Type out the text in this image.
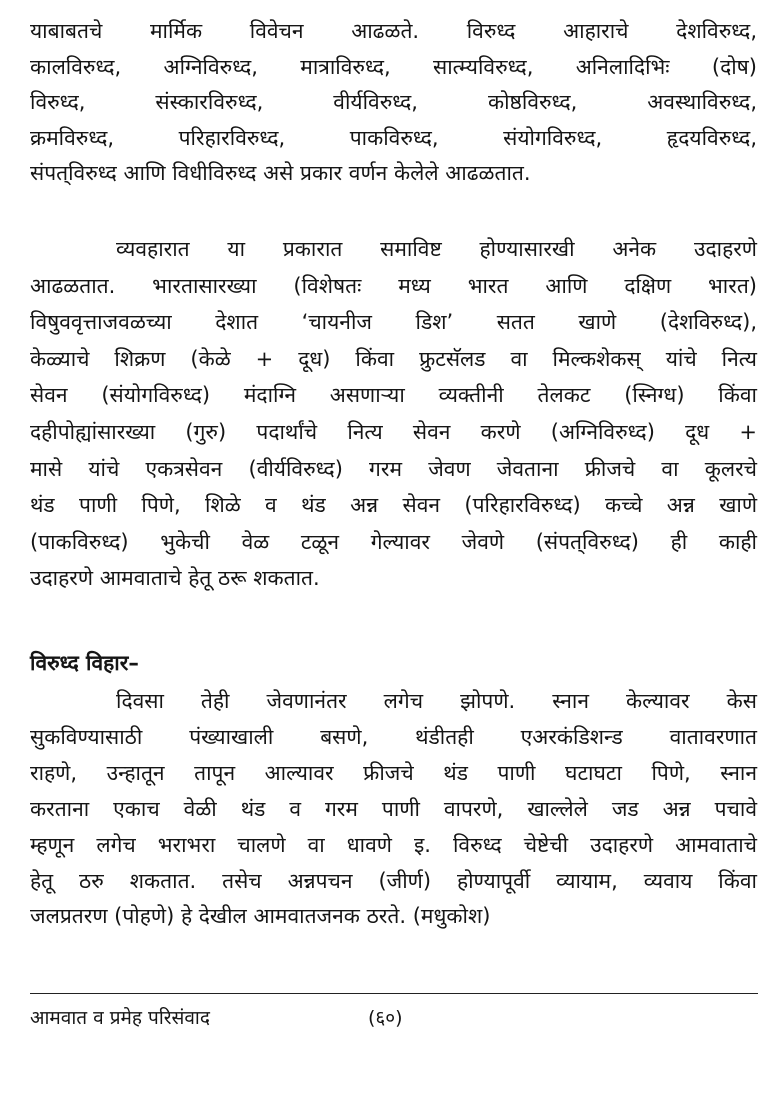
याबाबतचे मार्मिक विवेचन आढळते. विरुध्द आहाराचे देशविरुध्द,
कालविरुध्द, अग्निविरुध्द, मात्राविरुध्द, सात्म्यविरुध्द, अनिलादिभिः (दोष)
विरुध्द, संस्कारविरुध्द, वीर्यविरुध्द, कोष्ठविरुध्द, अवस्थाविरुध्द,
क्रमविरुध्द, परिहारविरुध्द, पाकविरुध्द, संयोगविरुध्द, हृदयविरुध्द,
संपत्‌विरुध्द आणि विधीविरुध्द असे प्रकार वर्णन केलेले आढळतात.
व्यवहारात या प्रकारात समाविष्ट होण्यासारखी अनेक उदाहरणे
आढळतात. भारतासारख्या (विशेषतः मध्य भारत आणि दक्षिण भारत)
विषुववृत्ताजवळच्या देशात ‘चायनीज डिश’ सतत खाणे (देशविरुध्द),
केळ्याचे शिक्रण (केळे + दूध) किंवा फ्रुटसॅलड वा मिल्कशेकस् यांचे नित्य
सेवन (संयोगविरुध्द) मंदाग्नि असणाऱ्या व्यक्तीनी तेलकट (स्निग्ध) किंवा
दहीपोह्यांसारख्या (गुरु) पदार्थांचे नित्य सेवन करणे (अग्निविरुध्द) दूध +
मासे यांचे एकत्रसेवन (वीर्यविरुध्द) गरम जेवण जेवताना फ्रीजचे वा कूलरचे
थंड पाणी पिणे, शिळे व थंड अन्न सेवन (परिहारविरुध्द) कच्चे अन्न खाणे
(पाकविरुध्द) भुकेची वेळ टळून गेल्यावर जेवणे (संपत्‌विरुध्द) ही काही
उदाहरणे आमवाताचे हेतू ठरू शकतात.
विरुध्द विहार–
दिवसा तेही जेवणानंतर लगेच झोपणे. स्नान केल्यावर केस
सुकविण्यासाठी पंख्याखाली बसणे, थंडीतही एअरकंडिशन्ड वातावरणात
राहणे, उन्हातून तापून आल्यावर फ्रीजचे थंड पाणी घटाघटा पिणे, स्नान
करताना एकाच वेळी थंड व गरम पाणी वापरणे, खाल्लेले जड अन्न पचावे
म्हणून लगेच भराभरा चालणे वा धावणे इ. विरुध्द चेष्टेची उदाहरणे आमवाताचे
हेतू ठरु शकतात. तसेच अन्नपचन (जीर्ण) होण्यापूर्वी व्यायाम, व्यवाय किंवा
जलप्रतरण (पोहणे) हे देखील आमवातजनक ठरते. (मधुकोश)
आमवात व प्रमेह परिसंवाद	(६०)
